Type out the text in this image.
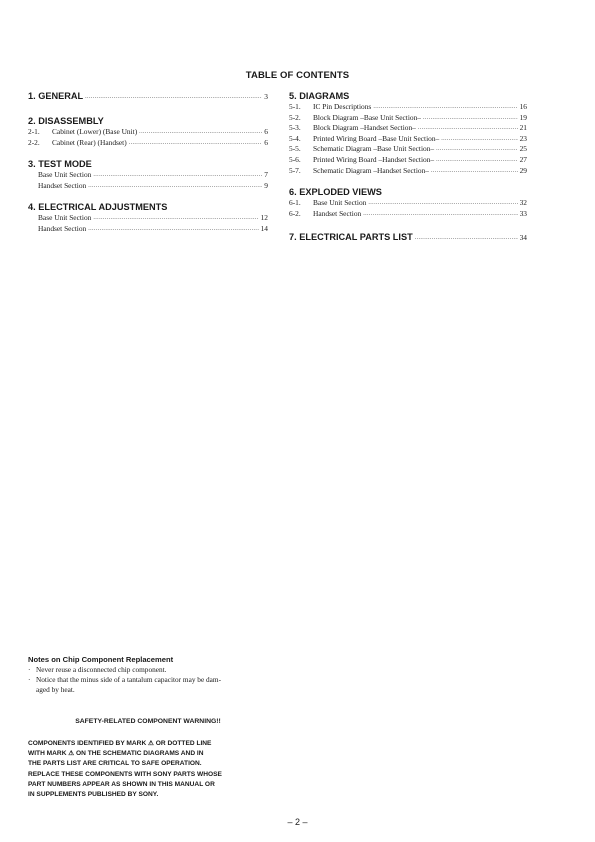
TABLE OF CONTENTS
1. GENERAL .....	3
2. DISASSEMBLY
2-1.	Cabinet (Lower) (Base Unit) .....	6
2-2.	Cabinet (Rear) (Handset) .....	6
3. TEST MODE
Base Unit Section .....	7
Handset Section .....	9
4. ELECTRICAL ADJUSTMENTS
Base Unit Section .....	12
Handset Section .....	14
5. DIAGRAMS
5-1.	IC Pin Descriptions .....	16
5-2.	Block Diagram –Base Unit Section– .....	19
5-3.	Block Diagram –Handset Section– .....	21
5-4.	Printed Wiring Board –Base Unit Section– .....	23
5-5.	Schematic Diagram –Base Unit Section– .....	25
5-6.	Printed Wiring Board –Handset Section– .....	27
5-7.	Schematic Diagram –Handset Section– .....	29
6. EXPLODED VIEWS
6-1.	Base Unit Section .....	32
6-2.	Handset Section .....	33
7. ELECTRICAL PARTS LIST .....	34
Notes on Chip Component Replacement
· Never reuse a disconnected chip component.
· Notice that the minus side of a tantalum capacitor may be dam-
aged by heat.
SAFETY-RELATED COMPONENT WARNING!!
COMPONENTS IDENTIFIED BY MARK ⚠ OR DOTTED LINE
WITH MARK ⚠ ON THE SCHEMATIC DIAGRAMS AND IN
THE PARTS LIST ARE CRITICAL TO SAFE OPERATION.
REPLACE THESE COMPONENTS WITH SONY PARTS WHOSE
PART NUMBERS APPEAR AS SHOWN IN THIS MANUAL OR
IN SUPPLEMENTS PUBLISHED BY SONY.
– 2 –
